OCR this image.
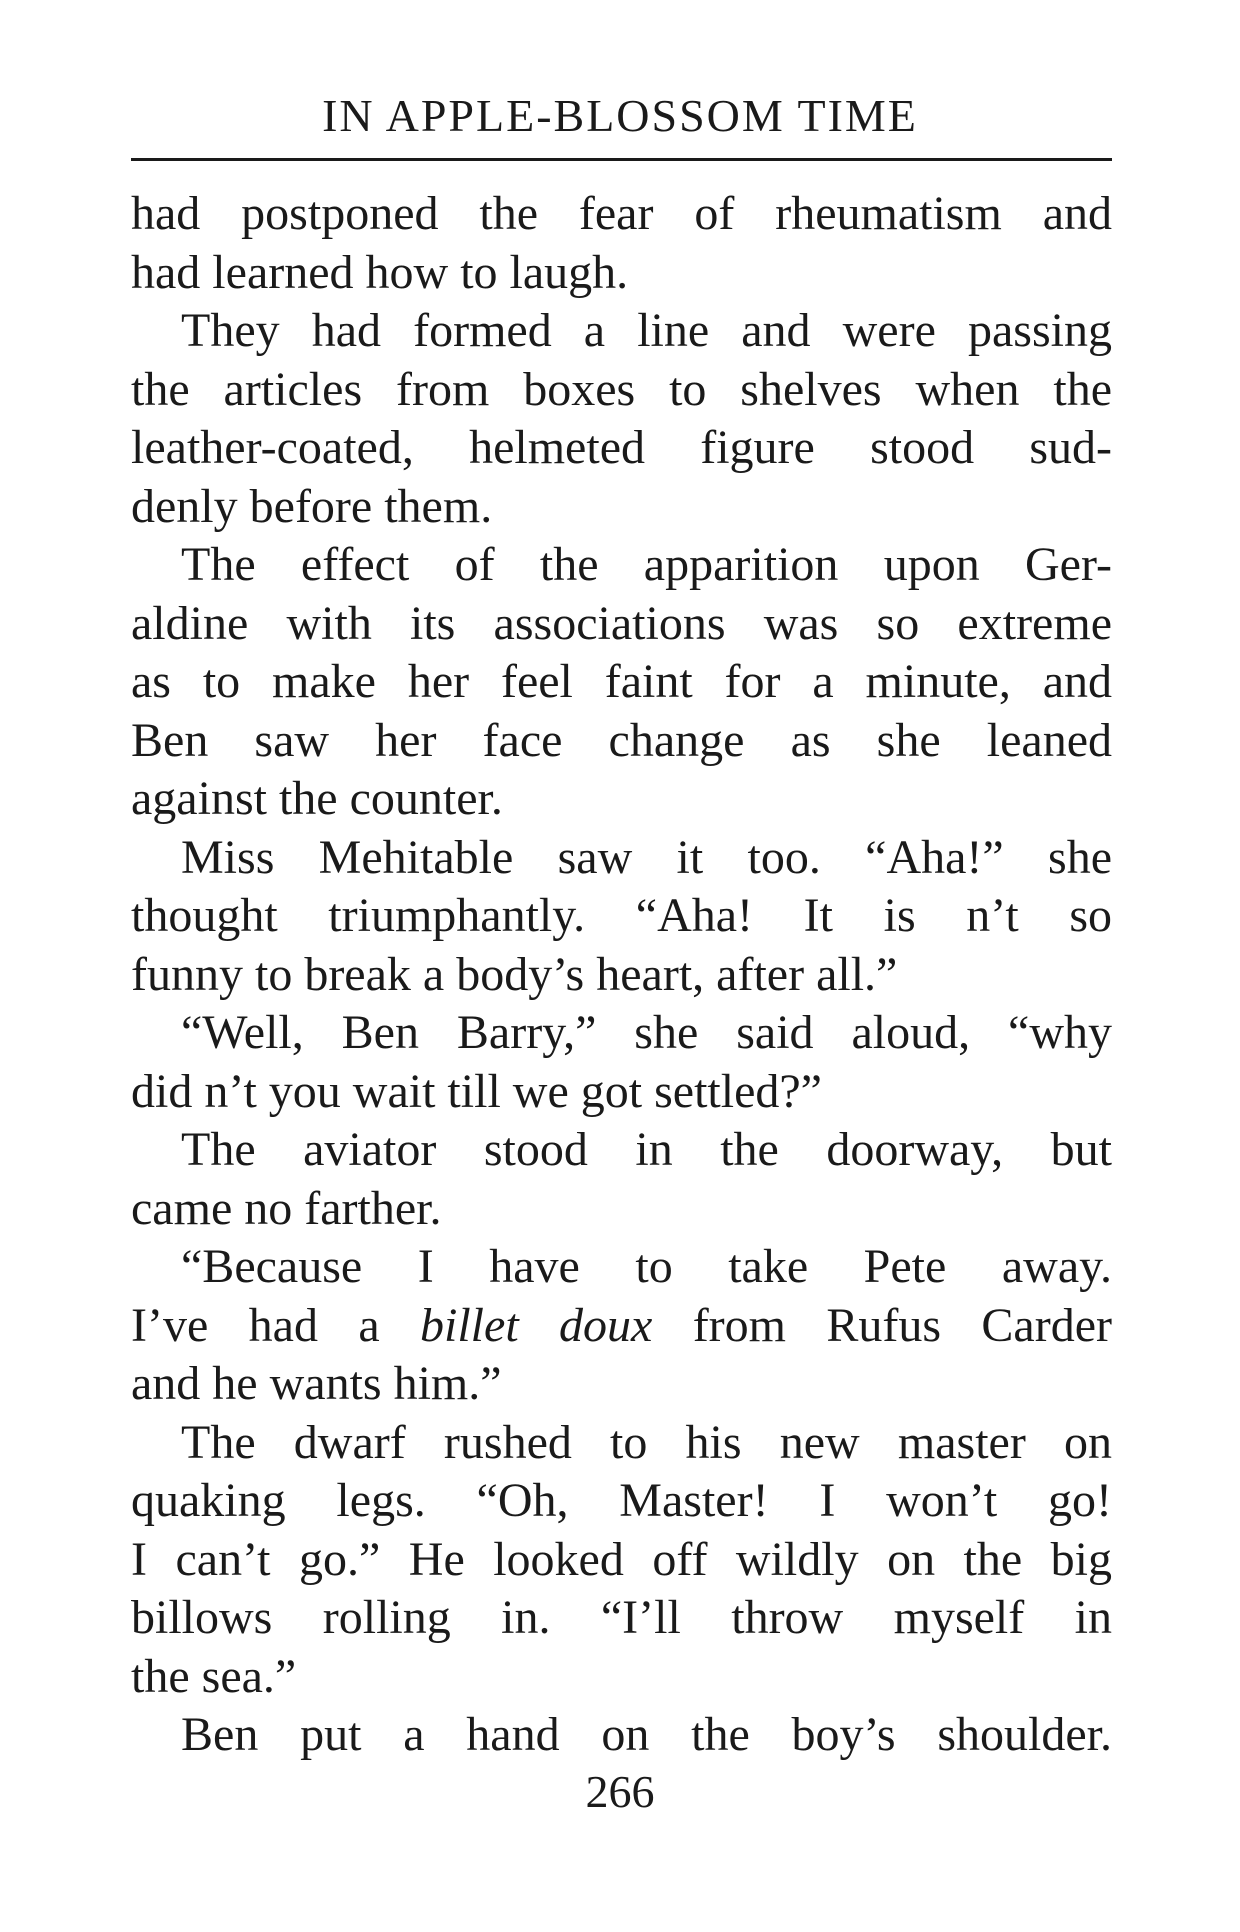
IN APPLE-BLOSSOM TIME
had postponed the fear of rheumatism and
had learned how to laugh.
They had formed a line and were passing
the articles from boxes to shelves when the
leather-coated, helmeted figure stood sud-
denly before them.
The effect of the apparition upon Ger-
aldine with its associations was so extreme
as to make her feel faint for a minute, and
Ben saw her face change as she leaned
against the counter.
Miss Mehitable saw it too. “Aha!” she
thought triumphantly. “Aha! It is n’t so
funny to break a body’s heart, after all.”
“Well, Ben Barry,” she said aloud, “why
did n’t you wait till we got settled?”
The aviator stood in the doorway, but
came no farther.
“Because I have to take Pete away.
I’ve had a billet doux from Rufus Carder
and he wants him.”
The dwarf rushed to his new master on
quaking legs. “Oh, Master! I won’t go!
I can’t go.” He looked off wildly on the big
billows rolling in. “I’ll throw myself in
the sea.”
Ben put a hand on the boy’s shoulder.
266
